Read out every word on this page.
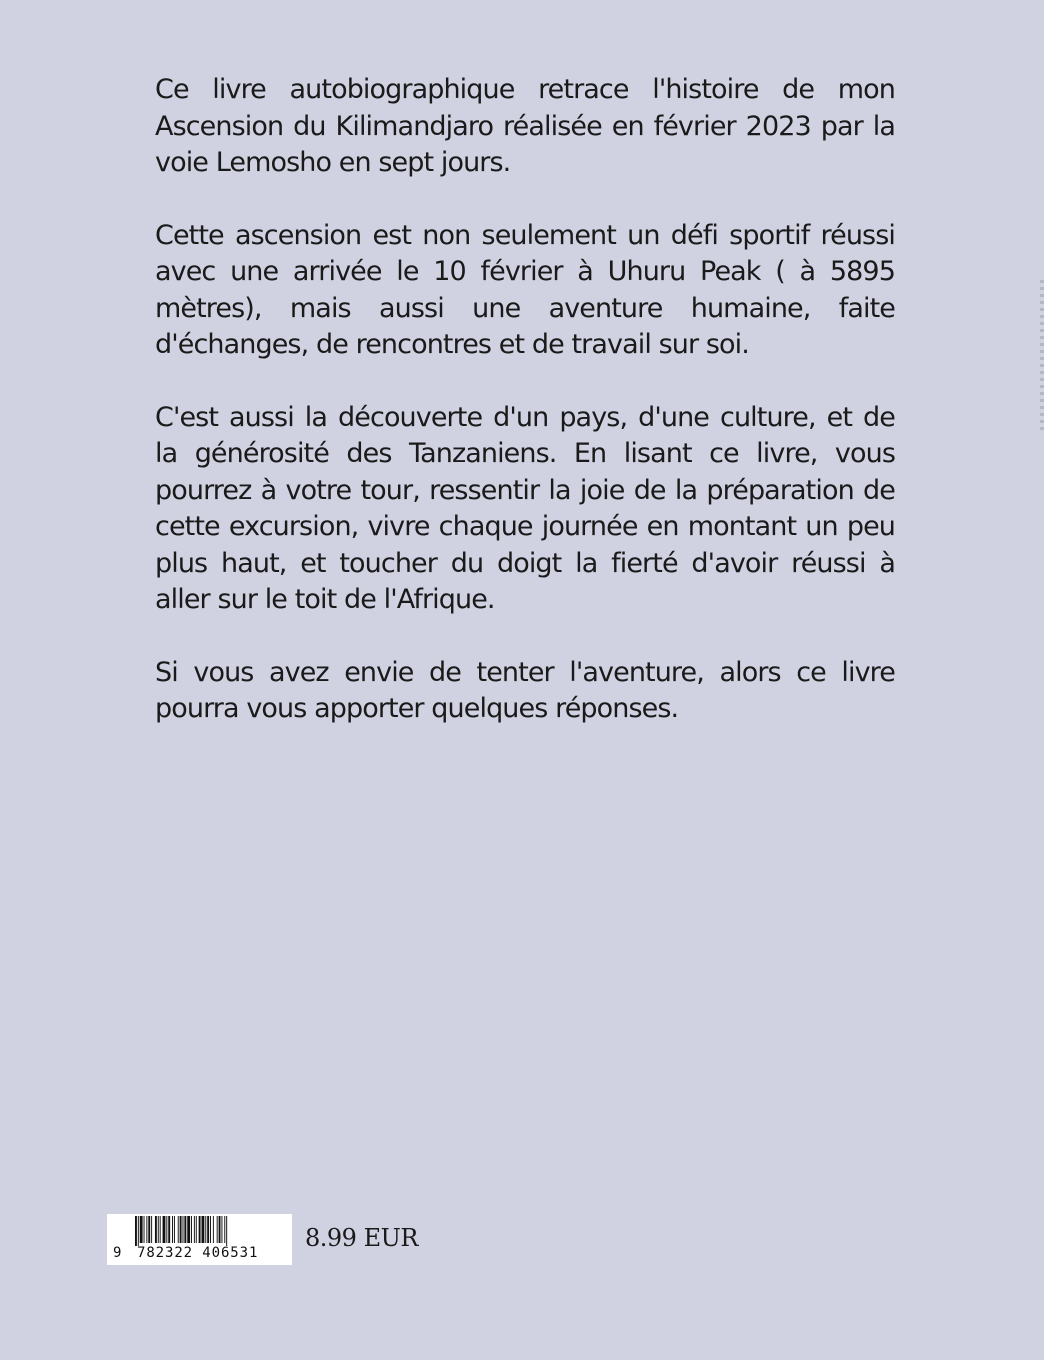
Ce livre autobiographique retrace l'histoire de mon Ascension du Kilimandjaro réalisée en février 2023 par la voie Lemosho en sept jours.

Cette ascension est non seulement un défi sportif réussi avec une arrivée le 10 février à Uhuru Peak ( à 5895 mètres), mais aussi une aventure humaine, faite d'échanges, de rencontres et de travail sur soi.

C'est aussi la découverte d'un pays, d'une culture, et de la générosité des Tanzaniens. En lisant ce livre, vous pourrez à votre tour, ressentir la joie de la préparation de cette excursion, vivre chaque journée en montant un peu plus haut, et toucher du doigt la fierté d'avoir réussi à aller sur le toit de l'Afrique.

Si vous avez envie de tenter l'aventure, alors ce livre pourra vous apporter quelques réponses.

9 782322 406531
8.99 EUR
